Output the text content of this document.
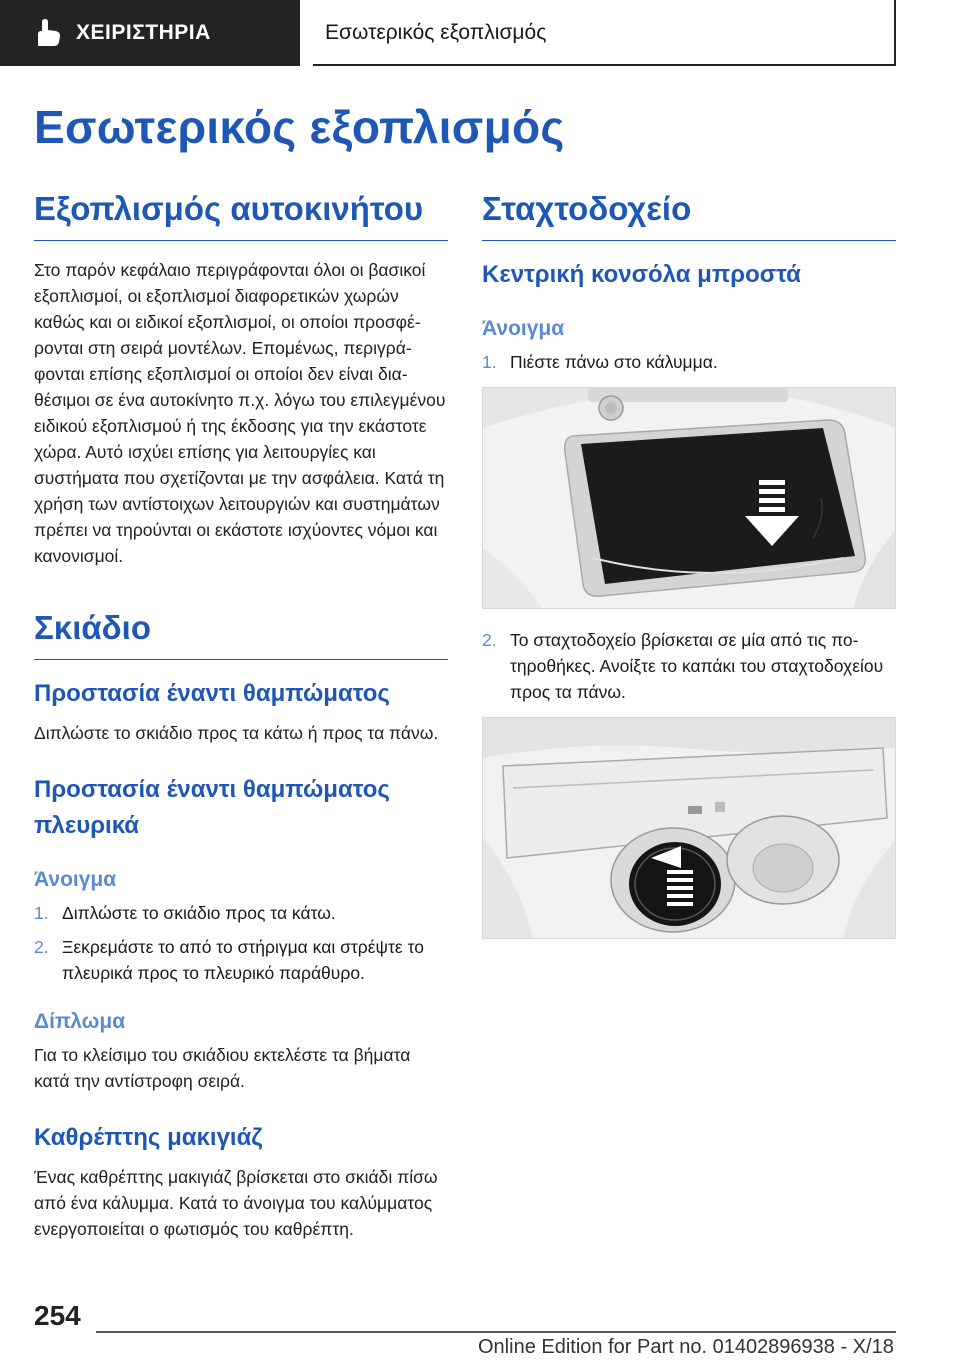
ΧΕΙΡΙΣΤΗΡΙΑ	Εσωτερικός εξοπλισμός
Εσωτερικός εξοπλισμός
Εξοπλισμός αυτοκινήτου

Στο παρόν κεφάλαιο περιγράφονται όλοι οι βασικοί εξοπλισμοί, οι εξοπλισμοί διαφορετικών χωρών καθώς και οι ειδικοί εξοπλισμοί, οι οποίοι προσφέρονται στη σειρά μοντέλων. Επομένως, περιγράφονται επίσης εξοπλισμοί οι οποίοι δεν είναι διαθέσιμοι σε ένα αυτοκίνητο π.χ. λόγω του επιλεγμένου ειδικού εξοπλισμού ή της έκδοσης για την εκάστοτε χώρα. Αυτό ισχύει επίσης για λειτουργίες και συστήματα που σχετίζονται με την ασφάλεια. Κατά τη χρήση των αντίστοιχων λειτουργιών και συστημάτων πρέπει να τηρούνται οι εκάστοτε ισχύοντες νόμοι και κανονισμοί.

Σκιάδιο
Προστασία έναντι θαμπώματος

Διπλώστε το σκιάδιο προς τα κάτω ή προς τα πάνω.

Προστασία έναντι θαμπώματος πλευρικά
Άνοιγμα
1. Διπλώστε το σκιάδιο προς τα κάτω.
2. Ξεκρεμάστε το από το στήριγμα και στρέψτε το πλευρικά προς το πλευρικό παράθυρο.
Δίπλωμα

Για το κλείσιμο του σκιάδιου εκτελέστε τα βήματα κατά την αντίστροφη σειρά.

Καθρέπτης μακιγιάζ

Ένας καθρέπτης μακιγιάζ βρίσκεται στο σκιάδι πίσω από ένα κάλυμμα. Κατά το άνοιγμα του καλύμματος ενεργοποιείται ο φωτισμός του καθρέπτη.

Σταχτοδοχείο
Κεντρική κονσόλα μπροστά
Άνοιγμα
1. Πιέστε πάνω στο κάλυμμα.
2. Το σταχτοδοχείο βρίσκεται σε μία από τις ποτηροθήκες. Ανοίξτε το καπάκι του σταχτοδοχείου προς τα πάνω.
254
Online Edition for Part no. 01402896938 - X/18
